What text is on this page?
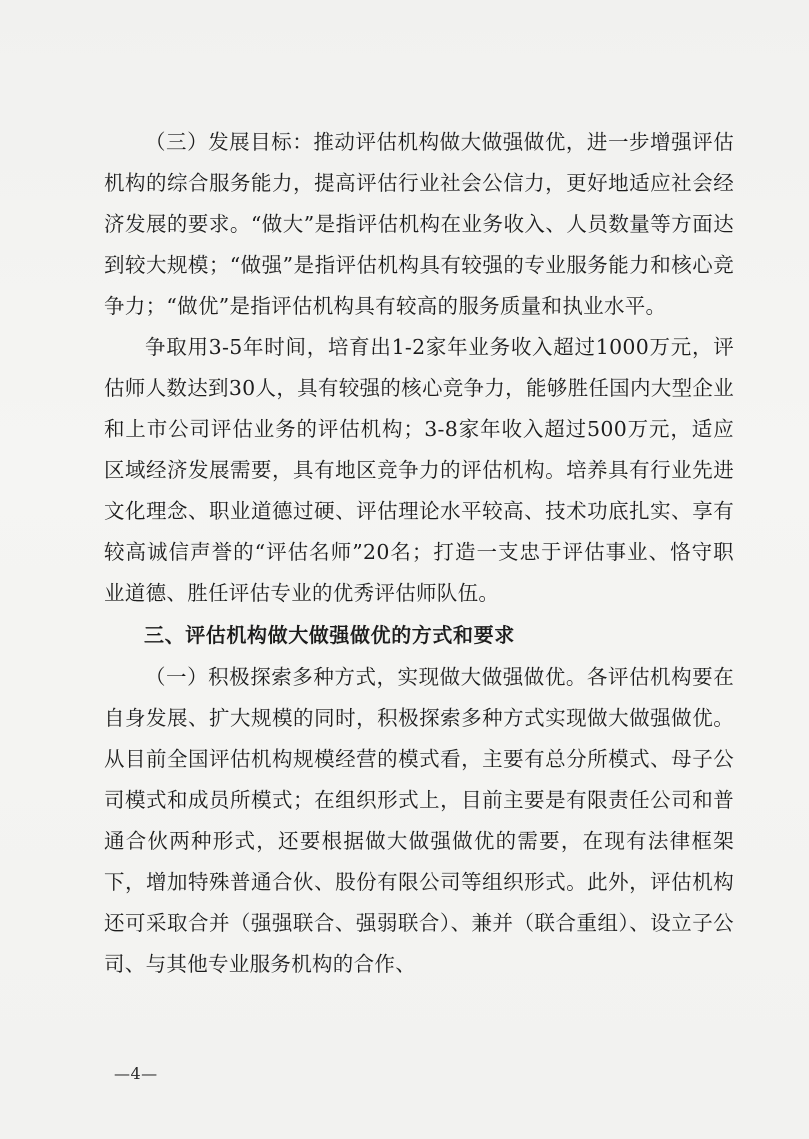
（三）发展目标：推动评估机构做大做强做优，进一步增强评估机构的综合服务能力，提高评估行业社会公信力，更好地适应社会经济发展的要求。“做大”是指评估机构在业务收入、人员数量等方面达到较大规模；“做强”是指评估机构具有较强的专业服务能力和核心竞争力；“做优”是指评估机构具有较高的服务质量和执业水平。

争取用3-5年时间，培育出1-2家年业务收入超过1000万元，评估师人数达到30人，具有较强的核心竞争力，能够胜任国内大型企业和上市公司评估业务的评估机构；3-8家年收入超过500万元，适应区域经济发展需要，具有地区竞争力的评估机构。培养具有行业先进文化理念、职业道德过硬、评估理论水平较高、技术功底扎实、享有较高诚信声誉的“评估名师”20名；打造一支忠于评估事业、恪守职业道德、胜任评估专业的优秀评估师队伍。

三、评估机构做大做强做优的方式和要求

（一）积极探索多种方式，实现做大做强做优。各评估机构要在自身发展、扩大规模的同时，积极探索多种方式实现做大做强做优。从目前全国评估机构规模经营的模式看，主要有总分所模式、母子公司模式和成员所模式；在组织形式上，目前主要是有限责任公司和普通合伙两种形式，还要根据做大做强做优的需要，在现有法律框架下，增加特殊普通合伙、股份有限公司等组织形式。此外，评估机构还可采取合并（强强联合、强弱联合）、兼并（联合重组）、设立子公司、与其他专业服务机构的合作、

—4—
